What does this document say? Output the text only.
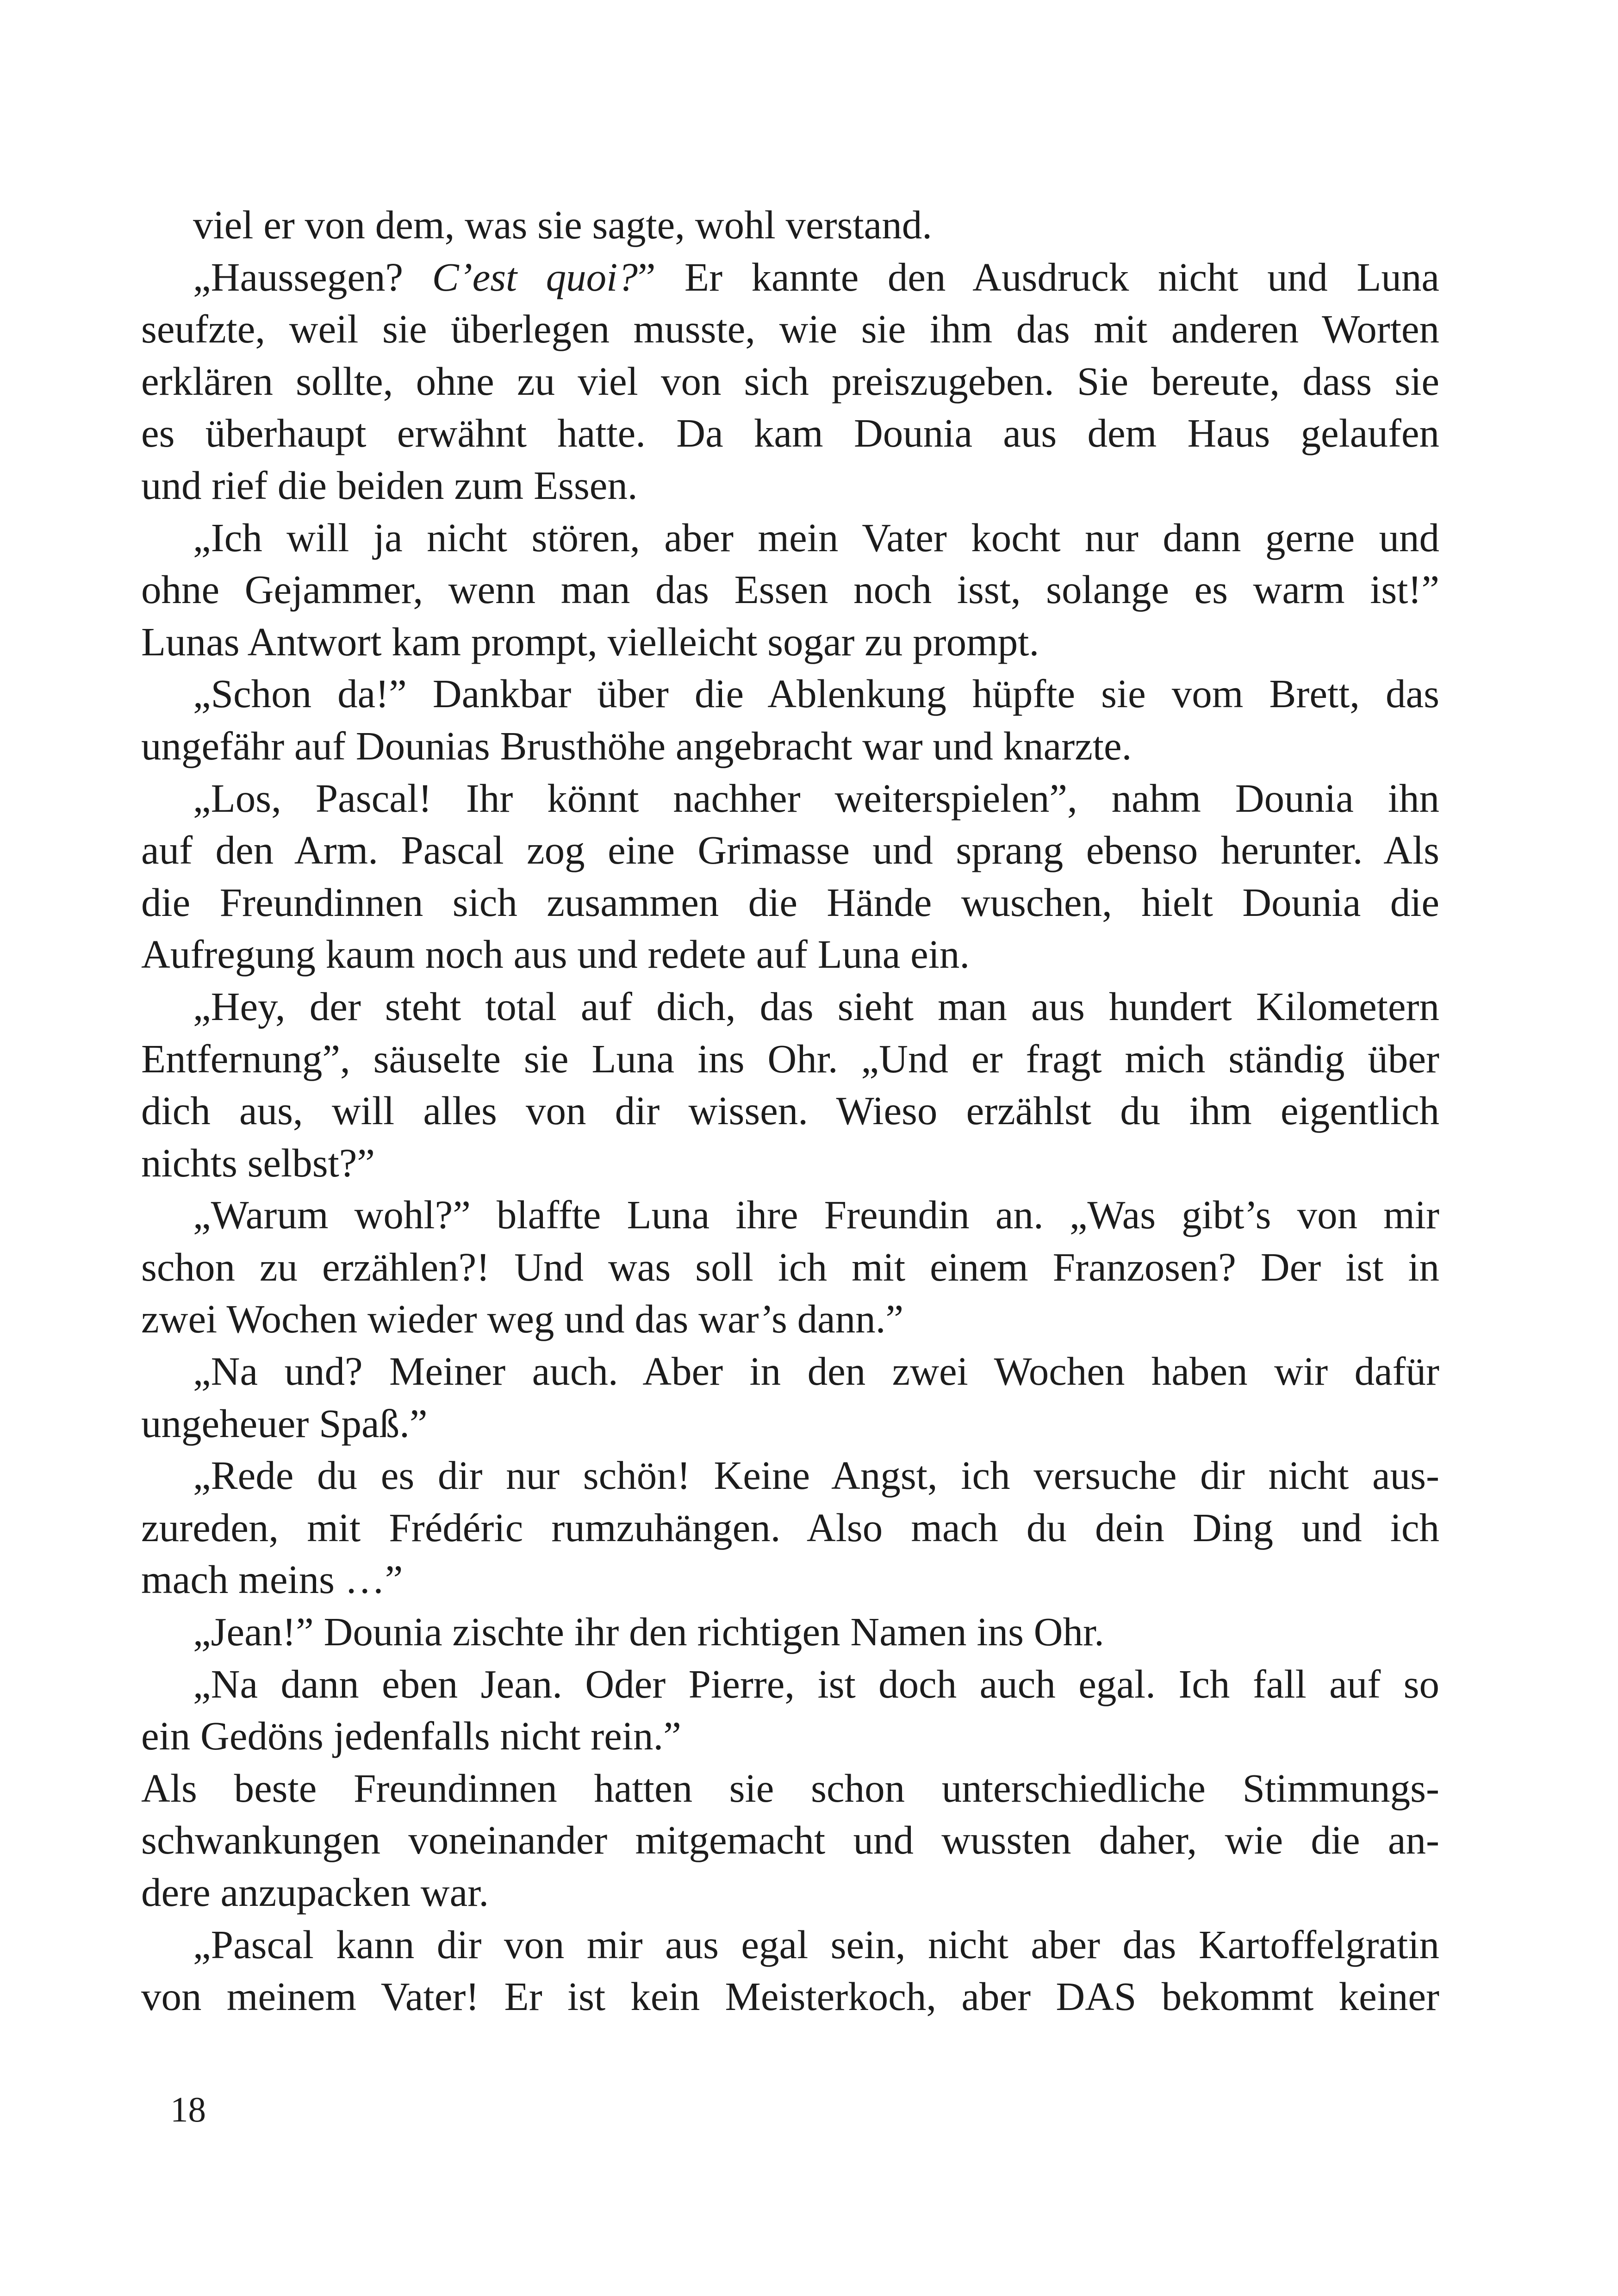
viel er von dem, was sie sagte, wohl verstand.
„Haussegen? C’est quoi?” Er kannte den Ausdruck nicht und Luna
seufzte, weil sie überlegen musste, wie sie ihm das mit anderen Worten
erklären sollte, ohne zu viel von sich preiszugeben. Sie bereute, dass sie
es überhaupt erwähnt hatte. Da kam Dounia aus dem Haus gelaufen
und rief die beiden zum Essen.
„Ich will ja nicht stören, aber mein Vater kocht nur dann gerne und
ohne Gejammer, wenn man das Essen noch isst, solange es warm ist!”
Lunas Antwort kam prompt, vielleicht sogar zu prompt.
„Schon da!” Dankbar über die Ablenkung hüpfte sie vom Brett, das
ungefähr auf Dounias Brusthöhe angebracht war und knarzte.
„Los, Pascal! Ihr könnt nachher weiterspielen”, nahm Dounia ihn
auf den Arm. Pascal zog eine Grimasse und sprang ebenso herunter. Als
die Freundinnen sich zusammen die Hände wuschen, hielt Dounia die
Aufregung kaum noch aus und redete auf Luna ein.
„Hey, der steht total auf dich, das sieht man aus hundert Kilometern
Entfernung”, säuselte sie Luna ins Ohr. „Und er fragt mich ständig über
dich aus, will alles von dir wissen. Wieso erzählst du ihm eigentlich
nichts selbst?”
„Warum wohl?” blaffte Luna ihre Freundin an. „Was gibt’s von mir
schon zu erzählen?! Und was soll ich mit einem Franzosen? Der ist in
zwei Wochen wieder weg und das war’s dann.”
„Na und? Meiner auch. Aber in den zwei Wochen haben wir dafür
ungeheuer Spaß.”
„Rede du es dir nur schön! Keine Angst, ich versuche dir nicht aus-
zureden, mit Frédéric rumzuhängen. Also mach du dein Ding und ich
mach meins …”
„Jean!” Dounia zischte ihr den richtigen Namen ins Ohr.
„Na dann eben Jean. Oder Pierre, ist doch auch egal. Ich fall auf so
ein Gedöns jedenfalls nicht rein.”
Als beste Freundinnen hatten sie schon unterschiedliche Stimmungs-
schwankungen voneinander mitgemacht und wussten daher, wie die an-
dere anzupacken war.
„Pascal kann dir von mir aus egal sein, nicht aber das Kartoffelgratin
von meinem Vater! Er ist kein Meisterkoch, aber DAS bekommt keiner
18
